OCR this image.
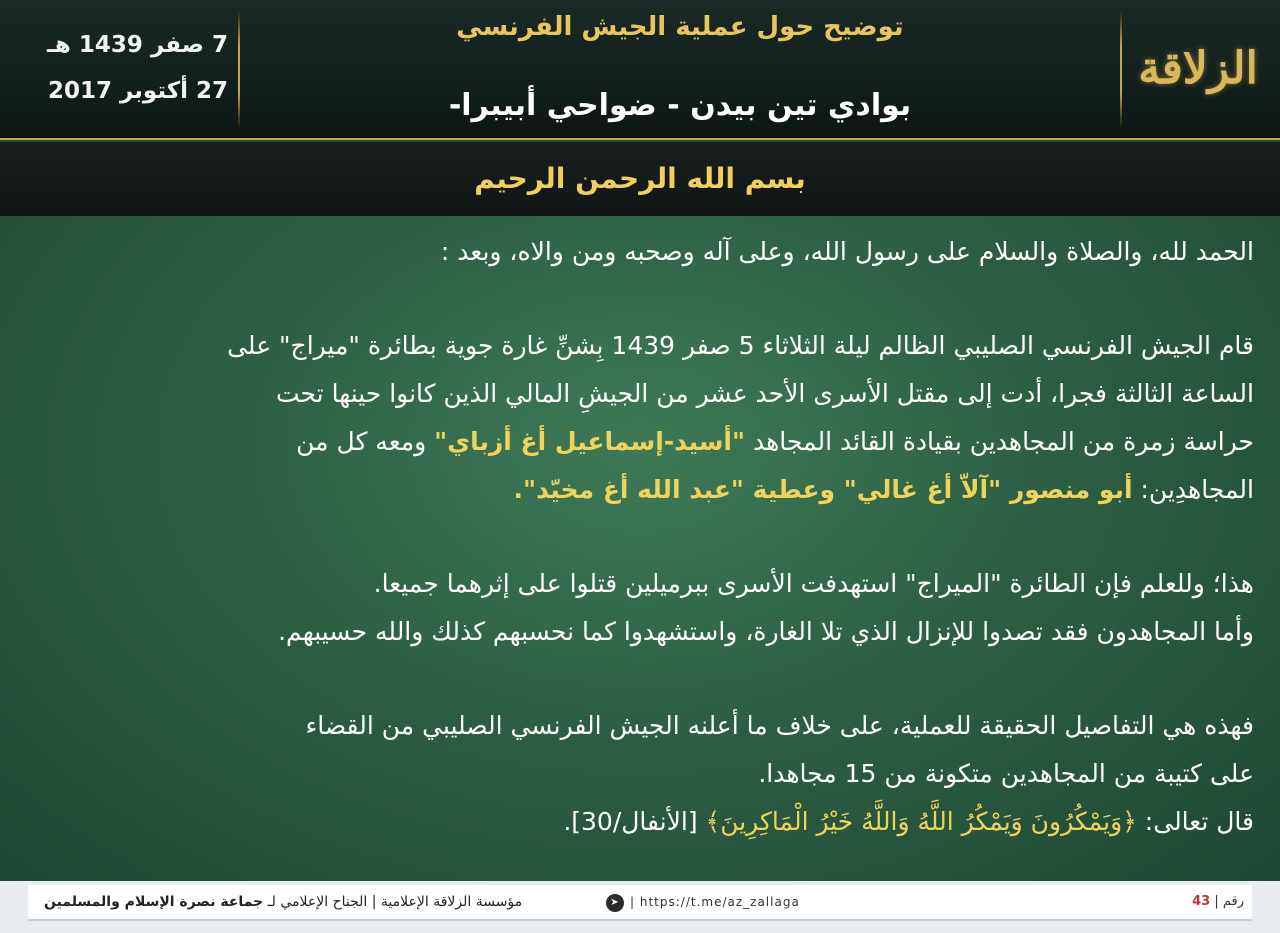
7 صفر 1439 هـ
27 أكتوبر 2017
توضيح حول عملية الجيش الفرنسي
بوادي تين بيدن - ضواحي أبيبرا-
الزلاقة
بسم الله الرحمن الرحيم

الحمد لله، والصلاة والسلام على رسول الله، وعلى آله وصحبه ومن والاه، وبعد :

قام الجيش الفرنسي الصليبي الظالم ليلة الثلاثاء 5 صفر 1439 بِشنِّ غارة جوية بطائرة "ميراج" على

الساعة الثالثة فجرا، أدت إلى مقتل الأسرى الأحد عشر من الجيشِ المالي الذين كانوا حينها تحت

حراسة زمرة من المجاهدين بقيادة القائد المجاهد "أسيد-إسماعيل أغ أزباي" ومعه كل من

المجاهدِين: أبو منصور "آلاّ أغ غالي" وعطية "عبد الله أغ مخيّد".

هذا؛ وللعلم فإن الطائرة "الميراج" استهدفت الأسرى ببرميلين قتلوا على إثرهما جميعا.

وأما المجاهدون فقد تصدوا للإنزال الذي تلا الغارة، واستشهدوا كما نحسبهم كذلك والله حسيبهم.

فهذه هي التفاصيل الحقيقة للعملية، على خلاف ما أعلنه الجيش الفرنسي الصليبي من القضاء

على كتيبة من المجاهدين متكونة من 15 مجاهدا.

قال تعالى: ﴿وَيَمْكُرُونَ وَيَمْكُرُ اللَّهُ وَاللَّهُ خَيْرُ الْمَاكِرِينَ﴾ [الأنفال/30].

رقم | 43
➤ | https://t.me/az_zallaga
مؤسسة الزلاقة الإعلامية | الجناح الإعلامي لـ جماعة نصرة الإسلام والمسلمين
